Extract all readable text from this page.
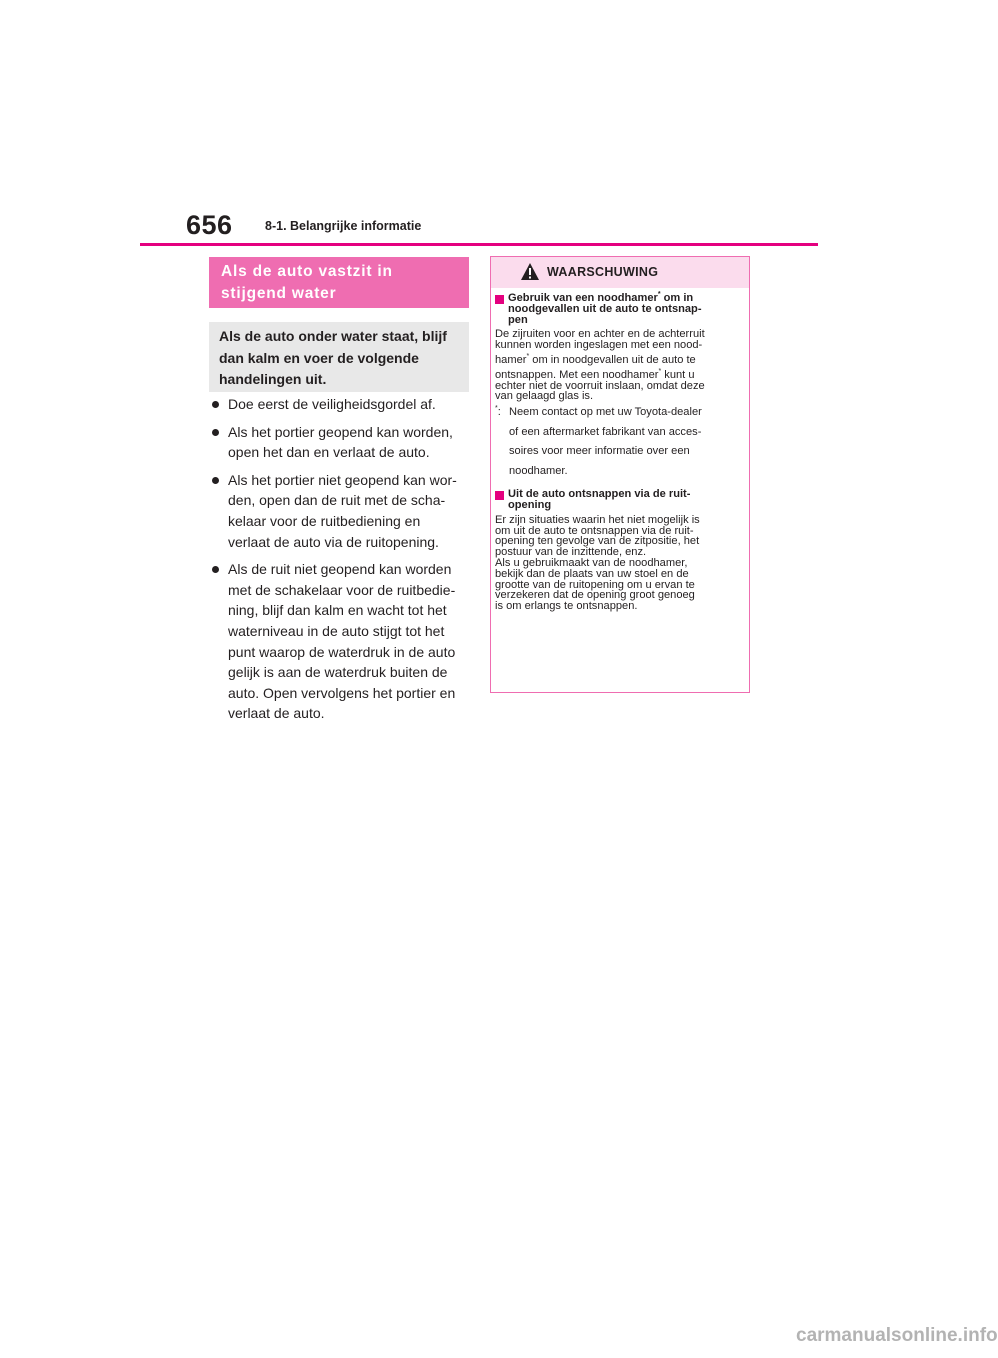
656	8-1. Belangrijke informatie
Als de auto vastzit in
stijgend water
Als de auto onder water staat, blijf
dan kalm en voer de volgende
handelingen uit.
Doe eerst de veiligheidsgordel af.
Als het portier geopend kan worden,
open het dan en verlaat de auto.
Als het portier niet geopend kan wor-
den, open dan de ruit met de scha-
kelaar voor de ruitbediening en
verlaat de auto via de ruitopening.
Als de ruit niet geopend kan worden
met de schakelaar voor de ruitbedie-
ning, blijf dan kalm en wacht tot het
waterniveau in de auto stijgt tot het
punt waarop de waterdruk in de auto
gelijk is aan de waterdruk buiten de
auto. Open vervolgens het portier en
verlaat de auto.
WAARSCHUWING
Gebruik van een noodhamer* om in
noodgevallen uit de auto te ontsnap-
pen
De zijruiten voor en achter en de achterruit
kunnen worden ingeslagen met een nood-
hamer* om in noodgevallen uit de auto te
ontsnappen. Met een noodhamer* kunt u
echter niet de voorruit inslaan, omdat deze
van gelaagd glas is.
*: Neem contact op met uw Toyota-dealer
of een aftermarket fabrikant van acces-
soires voor meer informatie over een
noodhamer.
Uit de auto ontsnappen via de ruit-
opening
Er zijn situaties waarin het niet mogelijk is
om uit de auto te ontsnappen via de ruit-
opening ten gevolge van de zitpositie, het
postuur van de inzittende, enz.
Als u gebruikmaakt van de noodhamer,
bekijk dan de plaats van uw stoel en de
grootte van de ruitopening om u ervan te
verzekeren dat de opening groot genoeg
is om erlangs te ontsnappen.
carmanualsonline.info
